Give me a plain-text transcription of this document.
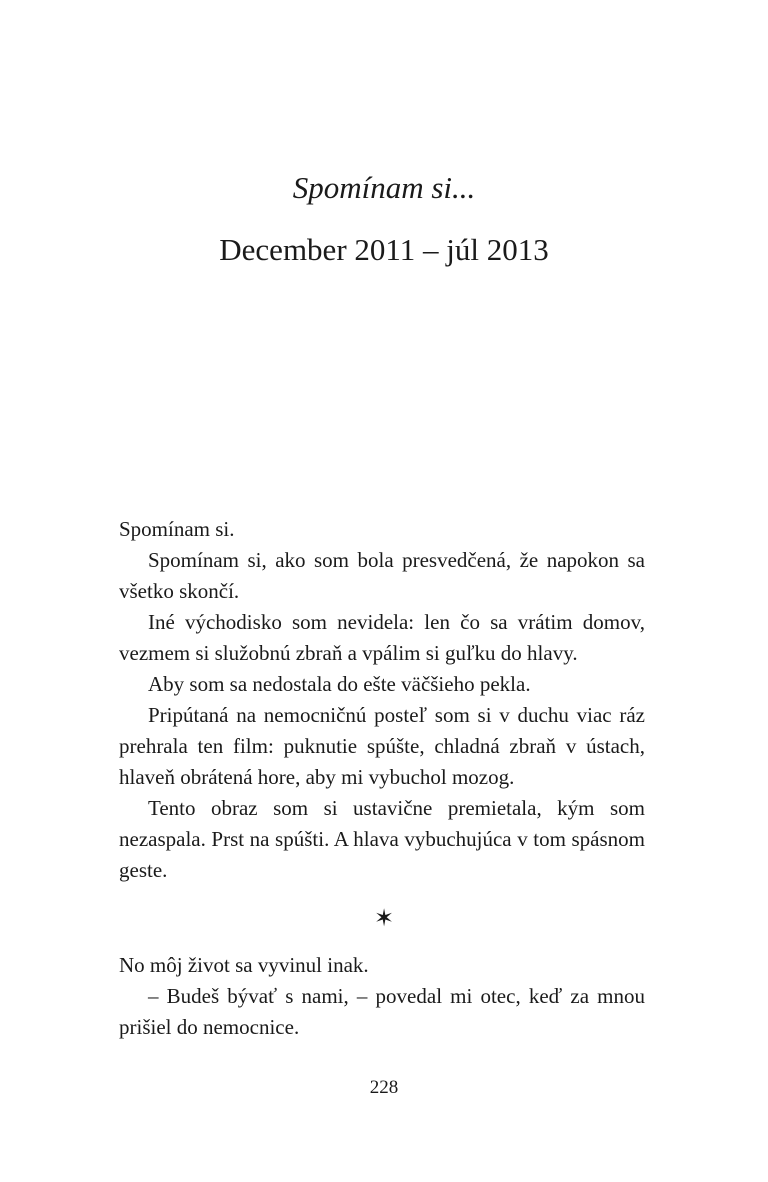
Spomínam si...
December 2011 – júl 2013

Spomínam si.

Spomínam si, ako som bola presvedčená, že napokon sa všetko skončí.

Iné východisko som nevidela: len čo sa vrátim domov, vezmem si služobnú zbraň a vpálim si guľku do hlavy.

Aby som sa nedostala do ešte väčšieho pekla.

Pripútaná na nemocničnú posteľ som si v duchu viac ráz prehrala ten film: puknutie spúšte, chladná zbraň v ústach, hlaveň obrátená hore, aby mi vybuchol mozog.

Tento obraz som si ustavične premietala, kým som nezaspala. Prst na spúšti. A hlava vybuchujúca v tom spásnom geste.

✶

No môj život sa vyvinul inak.

– Budeš bývať s nami, – povedal mi otec, keď za mnou prišiel do nemocnice.

228
